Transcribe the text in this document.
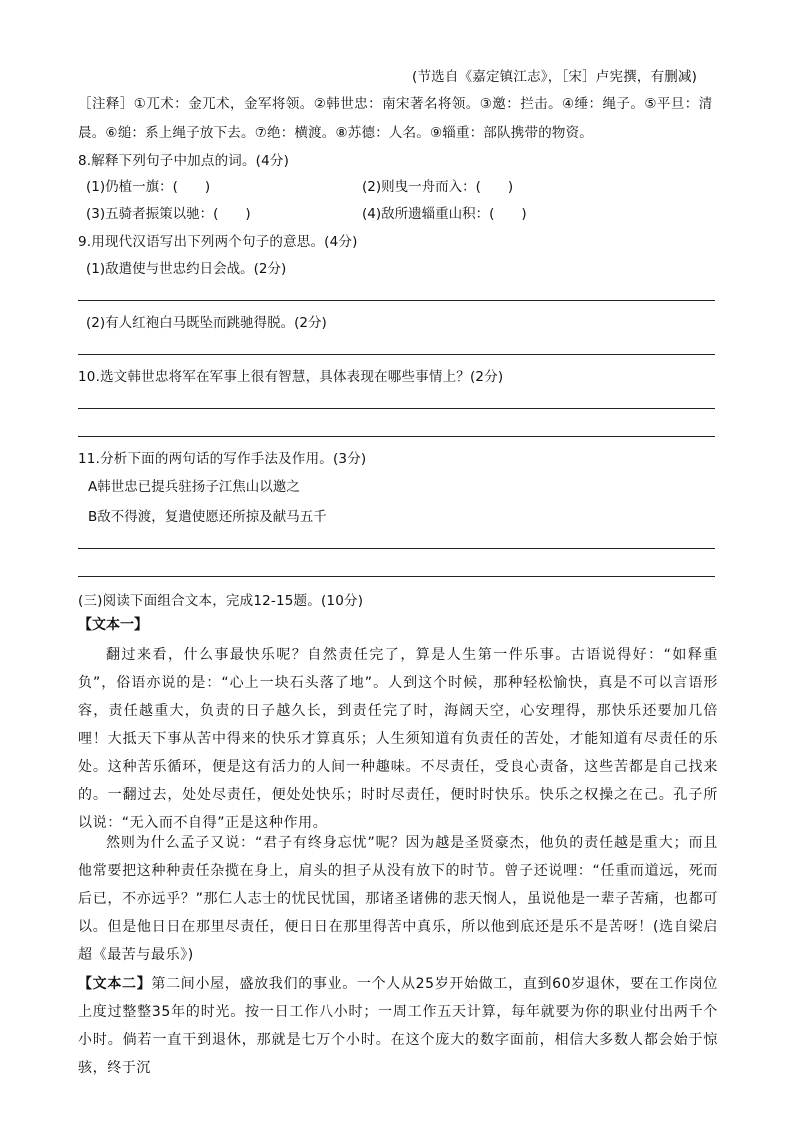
(节选自《嘉定镇江志》，［宋］卢宪撰，有删减)
［注释］①兀术：金兀术，金军将领。②韩世忠：南宋著名将领。③邀：拦击。④缍：绳子。⑤平旦：清
晨。⑥缒：系上绳子放下去。⑦绝：横渡。⑧苏德：人名。⑨辎重：部队携带的物资。
8.解释下列句子中加点的词。(4分)
(1)仍植一旗：(　　)	(2)则曳一舟而入：(　　)
(3)五骑者振策以驰：(　　)	(4)敌所遗辎重山积：(　　)
9.用现代汉语写出下列两个句子的意思。(4分)
(1)敌遣使与世忠约日会战。(2分)
(2)有人红袍白马既坠而跳驰得脱。(2分)
10.选文韩世忠将军在军事上很有智慧，具体表现在哪些事情上？(2分)
11.分析下面的两句话的写作手法及作用。(3分)
A韩世忠已提兵驻扬子江焦山以邀之
B敌不得渡，复遣使愿还所掠及献马五千
(三)阅读下面组合文本，完成12-15题。(10分)
【文本一】
翻过来看，什么事最快乐呢？自然责任完了，算是人生第一件乐事。古语说得好：“如释重负”，俗语亦说的是：“心上一块石头落了地”。人到这个时候，那种轻松愉快，真是不可以言语形容，责任越重大，负责的日子越久长，到责任完了时，海阔天空，心安理得，那快乐还要加几倍哩！大抵天下事从苦中得来的快乐才算真乐；人生须知道有负责任的苦处，才能知道有尽责任的乐处。这种苦乐循环，便是这有活力的人间一种趣味。不尽责任，受良心责备，这些苦都是自己找来的。一翻过去，处处尽责任，便处处快乐；时时尽责任，便时时快乐。快乐之权操之在己。孔子所以说：“无入而不自得”正是这种作用。
然则为什么孟子又说：“君子有终身忘忧”呢？因为越是圣贤豪杰，他负的责任越是重大；而且他常要把这种种责任杂揽在身上，肩头的担子从没有放下的时节。曾子还说哩：“任重而道远，死而后已，不亦远乎？”那仁人志士的忧民忧国，那诸圣诸佛的悲天悯人，虽说他是一辈子苦痛，也都可以。但是他日日在那里尽责任，便日日在那里得苦中真乐，所以他到底还是乐不是苦呀！(选自梁启超《最苦与最乐》)
【文本二】第二间小屋，盛放我们的事业。一个人从25岁开始做工，直到60岁退休，要在工作岗位上度过整整35年的时光。按一日工作八小时；一周工作五天计算，每年就要为你的职业付出两千个小时。倘若一直干到退休，那就是七万个小时。在这个庞大的数字面前，相信大多数人都会始于惊骇，终于沉
